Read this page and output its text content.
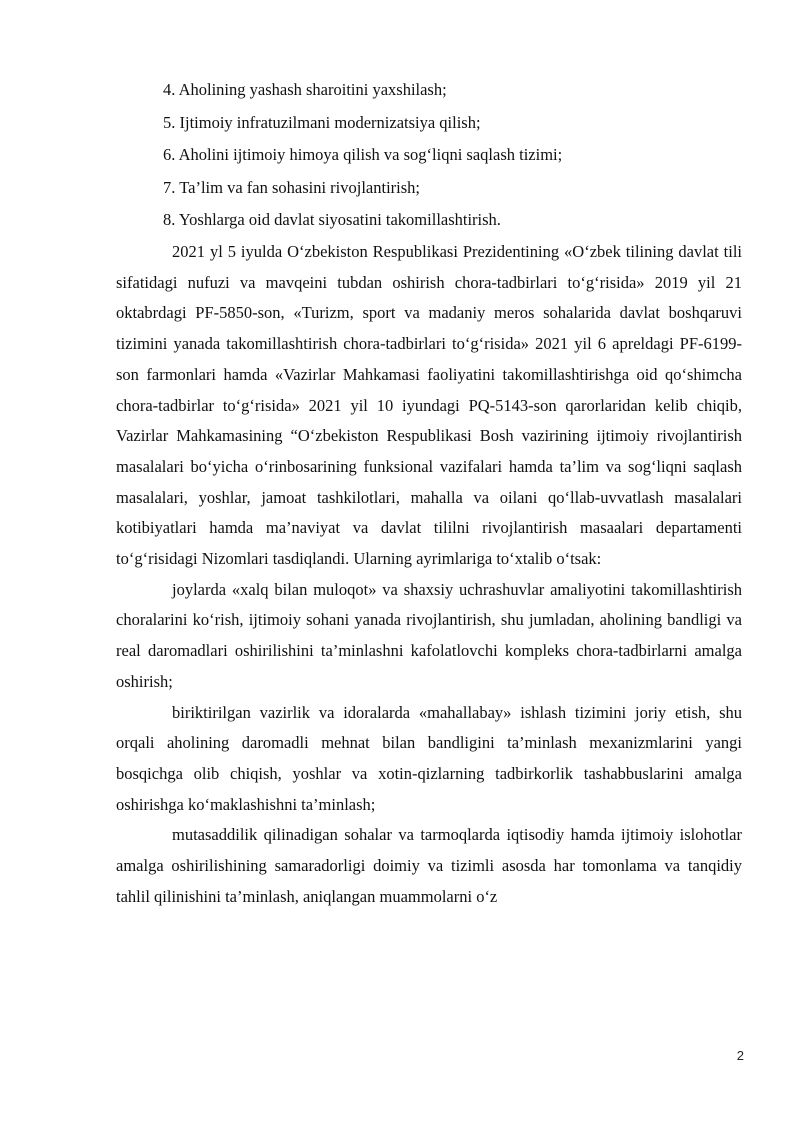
4. Aholining yashash sharoitini yaxshilash;
5. Ijtimoiy infratuzilmani modernizatsiya qilish;
6. Aholini ijtimoiy himoya qilish va sog‘liqni saqlash tizimi;
7. Ta’lim va fan sohasini rivojlantirish;
8. Yoshlarga oid davlat siyosatini takomillashtirish.

2021 yl 5 iyulda O‘zbekiston Respublikasi Prezidentining «O‘zbek tilining davlat tili sifatidagi nufuzi va mavqeini tubdan oshirish chora-tadbirlari to‘g‘risida» 2019 yil 21 oktabrdagi PF-5850-son, «Turizm, sport va madaniy meros sohalarida davlat boshqaruvi tizimini yanada takomillashtirish chora-tadbirlari to‘g‘risida» 2021 yil 6 apreldagi PF-6199-son farmonlari hamda «Vazirlar Mahkamasi faoliyatini takomillashtirishga oid qo‘shimcha chora-tadbirlar to‘g‘risida» 2021 yil 10 iyundagi PQ-5143-son qarorlaridan kelib chiqib, Vazirlar Mahkamasining “O‘zbekiston Respublikasi Bosh vazirining ijtimoiy rivojlantirish masalalari bo‘yicha o‘rinbosarining funksional vazifalari hamda ta’lim va sog‘liqni saqlash masalalari, yoshlar, jamoat tashkilotlari, mahalla va oilani qo‘llab-uvvatlash masalalari kotibiyatlari hamda ma’naviyat va davlat tililni rivojlantirish masaalari departamenti to‘g‘risidagi Nizomlari tasdiqlandi. Ularning ayrimlariga to‘xtalib o‘tsak:

joylarda «xalq bilan muloqot» va shaxsiy uchrashuvlar amaliyotini takomillashtirish choralarini ko‘rish, ijtimoiy sohani yanada rivojlantirish, shu jumladan, aholining bandligi va real daromadlari oshirilishini ta’minlashni kafolatlovchi kompleks chora-tadbirlarni amalga oshirish;

biriktirilgan vazirlik va idoralarda «mahallabay» ishlash tizimini joriy etish, shu orqali aholining daromadli mehnat bilan bandligini ta’minlash mexanizmlarini yangi bosqichga olib chiqish, yoshlar va xotin-qizlarning tadbirkorlik tashabbuslarini amalga oshirishga ko‘maklashishni ta’minlash;

mutasaddilik qilinadigan sohalar va tarmoqlarda iqtisodiy hamda ijtimoiy islohotlar amalga oshirilishining samaradorligi doimiy va tizimli asosda har tomonlama va tanqidiy tahlil qilinishini ta’minlash, aniqlangan muammolarni o‘z

2
